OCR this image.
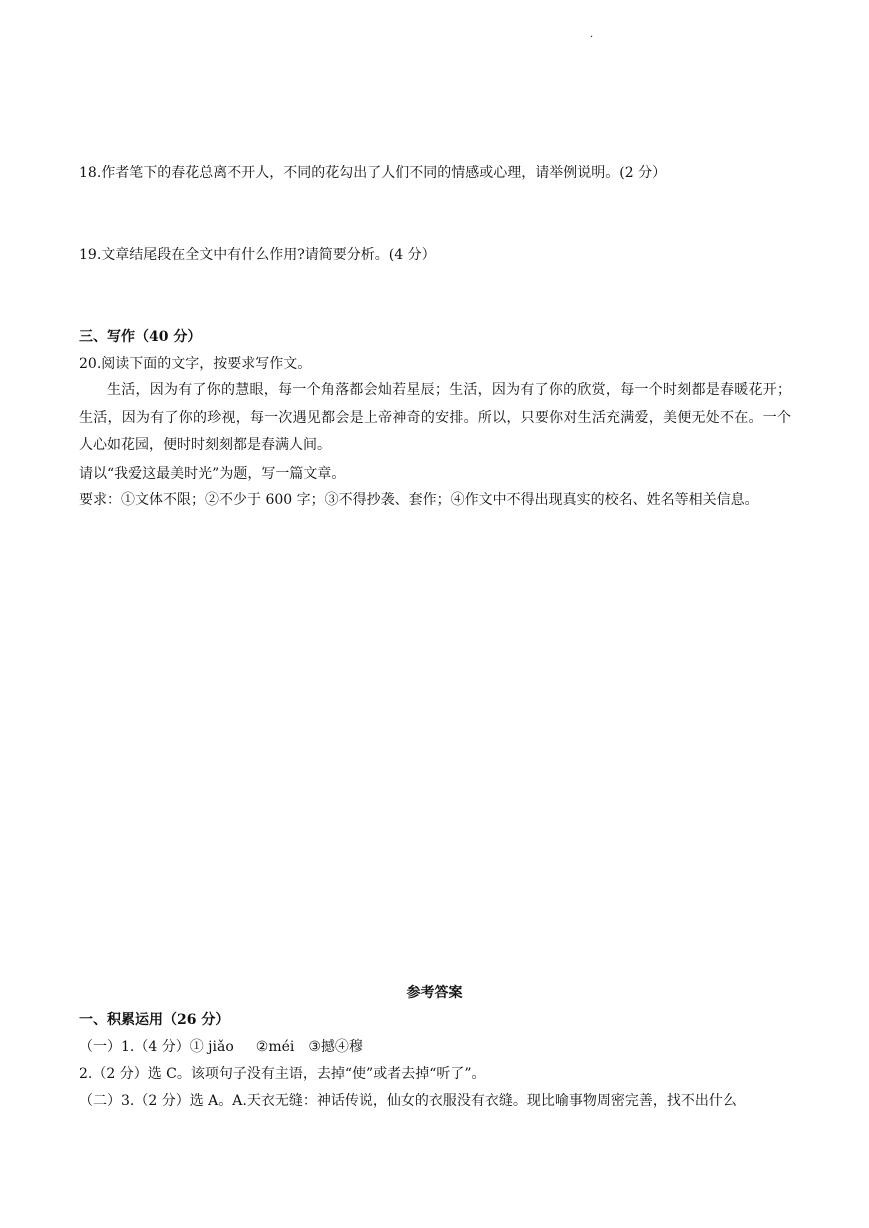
·
18.作者笔下的春花总离不开人，不同的花勾出了人们不同的情感或心理，请举例说明。(2 分）
19.文章结尾段在全文中有什么作用?请简要分析。(4 分）
三、写作（40 分）
20.阅读下面的文字，按要求写作文。
生活，因为有了你的慧眼，每一个角落都会灿若星辰；生活，因为有了你的欣赏，每一个时刻都是春暖花开；生活，因为有了你的珍视，每一次遇见都会是上帝神奇的安排。所以，只要你对生活充满爱，美便无处不在。一个人心如花园，便时时刻刻都是春满人间。
请以“我爱这最美时光”为题，写一篇文章。
要求：①文体不限；②不少于 600 字；③不得抄袭、套作；④作文中不得出现真实的校名、姓名等相关信息。
参考答案
一、积累运用（26 分）
（一）1.（4 分）① jiǎo ②méi ③撼④穆
2.（2 分）选 C。该项句子没有主语，去掉“使”或者去掉“听了”。
（二）3.（2 分）选 A。A.天衣无缝：神话传说，仙女的衣服没有衣缝。现比喻事物周密完善，找不出什么
